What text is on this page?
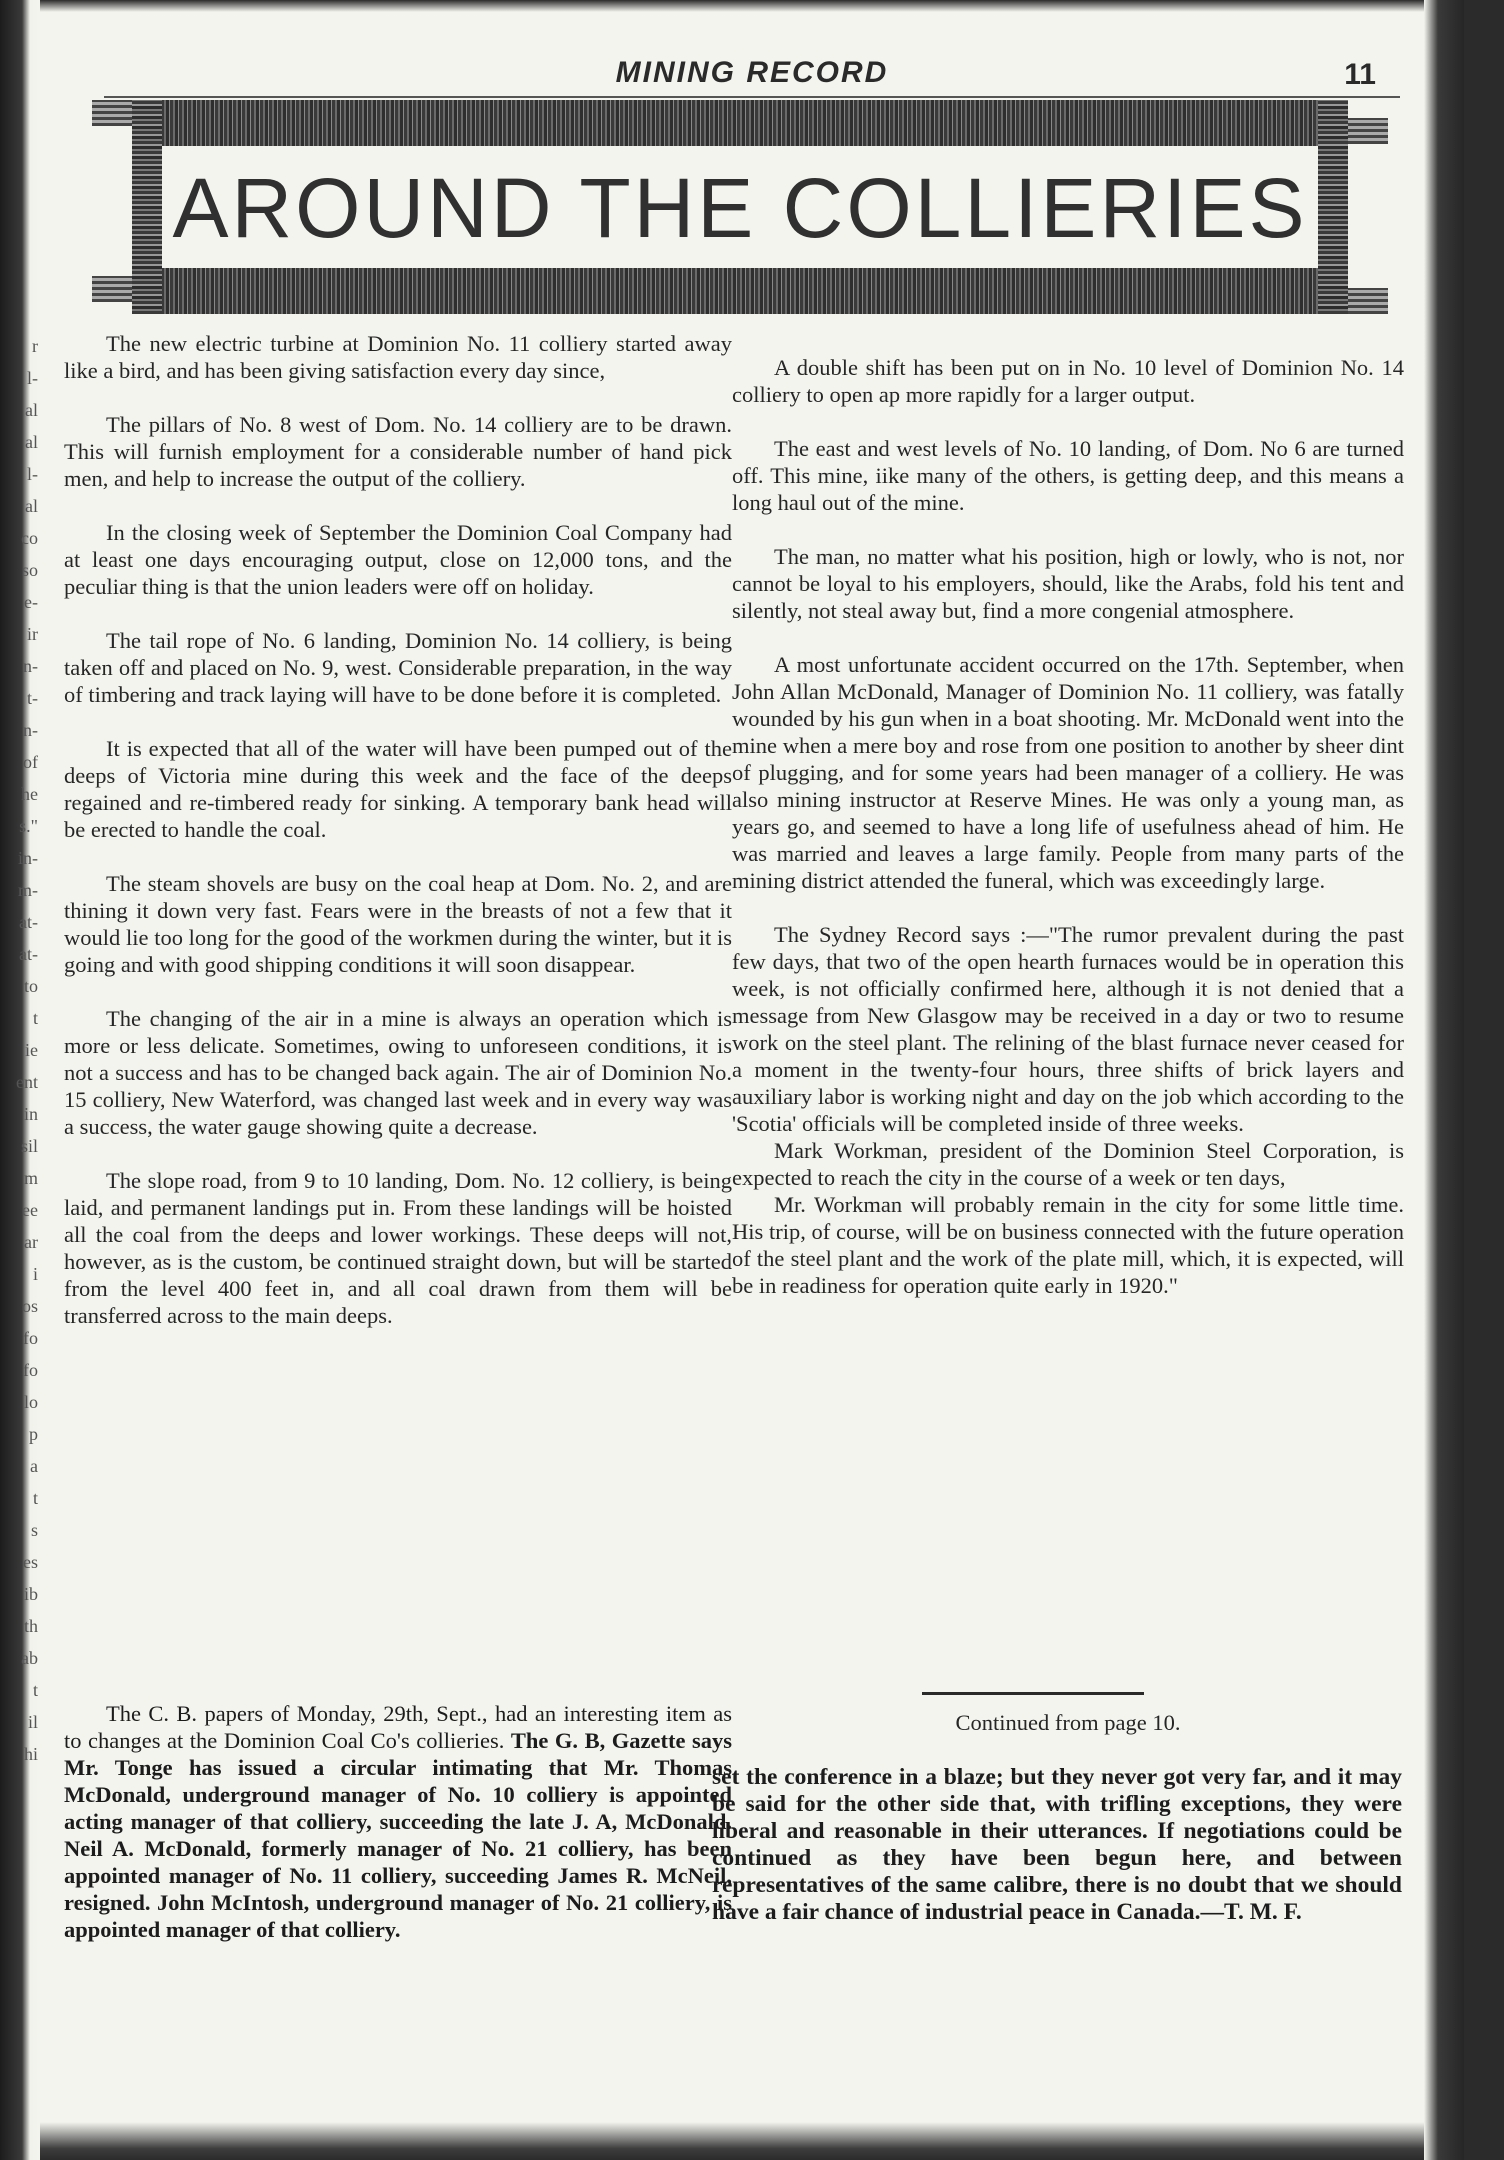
r
l-
al
al
l-
al
co
so
e-
ir
n-
t-
n-
of
he
s."
in-
m-
at-
at-
to
t
ie
ent
in
sil
m
ee
ar
i
os
fo
fo
lo
p
a
t
s
es
ib
th
ab
t
il
hi
MINING RECORD	11
AROUND THE COLLIERIES

The new electric turbine at Dominion No. 11 colliery started away like a bird, and has been giving satisfaction every day since,

The pillars of No. 8 west of Dom. No. 14 colliery are to be drawn. This will furnish employment for a considerable number of hand pick men, and help to increase the output of the colliery.

In the closing week of September the Dominion Coal Company had at least one days encouraging output, close on 12,000 tons, and the peculiar thing is that the union leaders were off on holiday.

The tail rope of No. 6 landing, Dominion No. 14 colliery, is being taken off and placed on No. 9, west. Considerable preparation, in the way of timbering and track laying will have to be done before it is completed.

It is expected that all of the water will have been pumped out of the deeps of Victoria mine during this week and the face of the deeps regained and re-timbered ready for sinking. A temporary bank head will be erected to handle the coal.

The steam shovels are busy on the coal heap at Dom. No. 2, and are thining it down very fast. Fears were in the breasts of not a few that it would lie too long for the good of the workmen during the winter, but it is going and with good shipping conditions it will soon disappear.

The changing of the air in a mine is always an operation which is more or less delicate. Sometimes, owing to unforeseen conditions, it is not a success and has to be changed back again. The air of Dominion No. 15 colliery, New Waterford, was changed last week and in every way was a success, the water gauge showing quite a decrease.

The slope road, from 9 to 10 landing, Dom. No. 12 colliery, is being laid, and permanent landings put in. From these landings will be hoisted all the coal from the deeps and lower workings. These deeps will not, however, as is the custom, be continued straight down, but will be started from the level 400 feet in, and all coal drawn from them will be transferred across to the main deeps.

The C. B. papers of Monday, 29th, Sept., had an interesting item as to changes at the Dominion Coal Co's collieries. The G. B, Gazette says Mr. Tonge has issued a circular intimating that Mr. Thomas McDonald, underground manager of No. 10 colliery is appointed acting manager of that colliery, succeeding the late J. A, McDonald. Neil A. McDonald, formerly manager of No. 21 colliery, has been appointed manager of No. 11 colliery, succeeding James R. McNeil, resigned. John McIntosh, underground manager of No. 21 colliery, is appointed manager of that colliery.

A double shift has been put on in No. 10 level of Dominion No. 14 colliery to open ap more rapidly for a larger output.

The east and west levels of No. 10 landing, of Dom. No 6 are turned off. This mine, iike many of the others, is getting deep, and this means a long haul out of the mine.

The man, no matter what his position, high or lowly, who is not, nor cannot be loyal to his employers, should, like the Arabs, fold his tent and silently, not steal away but, find a more congenial atmosphere.

A most unfortunate accident occurred on the 17th. September, when John Allan McDonald, Manager of Dominion No. 11 colliery, was fatally wounded by his gun when in a boat shooting. Mr. McDonald went into the mine when a mere boy and rose from one position to another by sheer dint of plugging, and for some years had been manager of a colliery. He was also mining instructor at Reserve Mines. He was only a young man, as years go, and seemed to have a long life of usefulness ahead of him. He was married and leaves a large family. People from many parts of the mining district attended the funeral, which was exceedingly large.

The Sydney Record says :—"The rumor prevalent during the past few days, that two of the open hearth furnaces would be in operation this week, is not officially confirmed here, although it is not denied that a message from New Glasgow may be received in a day or two to resume work on the steel plant. The relining of the blast furnace never ceased for a moment in the twenty-four hours, three shifts of brick layers and auxiliary labor is working night and day on the job which according to the 'Scotia' officials will be completed inside of three weeks.

Mark Workman, president of the Dominion Steel Corporation, is expected to reach the city in the course of a week or ten days,

Mr. Workman will probably remain in the city for some little time. His trip, of course, will be on business connected with the future operation of the steel plant and the work of the plate mill, which, it is expected, will be in readiness for operation quite early in 1920."

Continued from page 10.

set the conference in a blaze; but they never got very far, and it may be said for the other side that, with trifling exceptions, they were liberal and reasonable in their utterances. If negotiations could be continued as they have been begun here, and between representatives of the same calibre, there is no doubt that we should have a fair chance of industrial peace in Canada.—T. M. F.
